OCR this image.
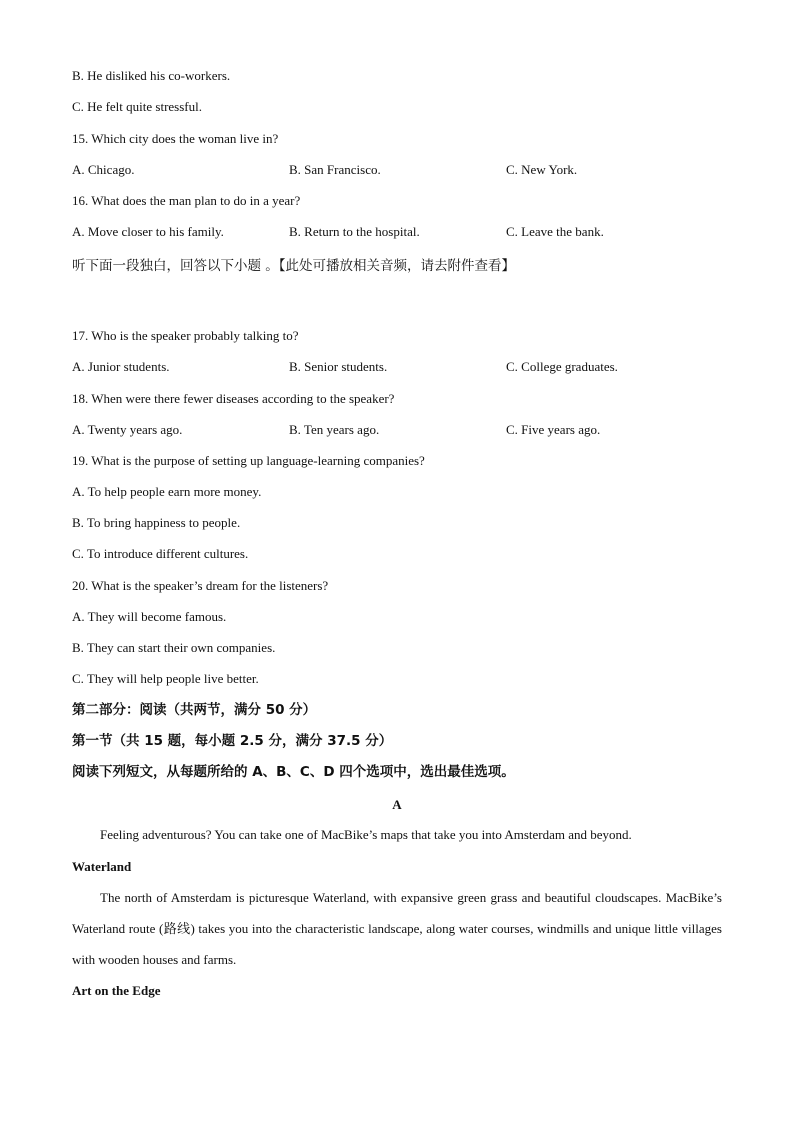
B. He disliked his co-workers.
C. He felt quite stressful.
15. Which city does the woman live in?
A. Chicago.	B. San Francisco.	C. New York.
16. What does the man plan to do in a year?
A. Move closer to his family.	B. Return to the hospital.	C. Leave the bank.
听下面一段独白，回答以下小题 。【此处可播放相关音频，请去附件查看】
17. Who is the speaker probably talking to?
A. Junior students.	B. Senior students.	C. College graduates.
18. When were there fewer diseases according to the speaker?
A. Twenty years ago.	B. Ten years ago.	C. Five years ago.
19. What is the purpose of setting up language-learning companies?
A. To help people earn more money.
B. To bring happiness to people.
C. To introduce different cultures.
20. What is the speaker’s dream for the listeners?
A. They will become famous.
B. They can start their own companies.
C. They will help people live better.
第二部分：阅读（共两节，满分 50 分）
第一节（共 15 题，每小题 2.5 分，满分 37.5 分）
阅读下列短文，从每题所给的 A、B、C、D 四个选项中，选出最佳选项。
A
Feeling adventurous? You can take one of MacBike’s maps that take you into Amsterdam and beyond.
Waterland
The north of Amsterdam is picturesque Waterland, with expansive green grass and beautiful cloudscapes. MacBike’s Waterland route (路线) takes you into the characteristic landscape, along water courses, windmills and unique little villages with wooden houses and farms.
Art on the Edge
